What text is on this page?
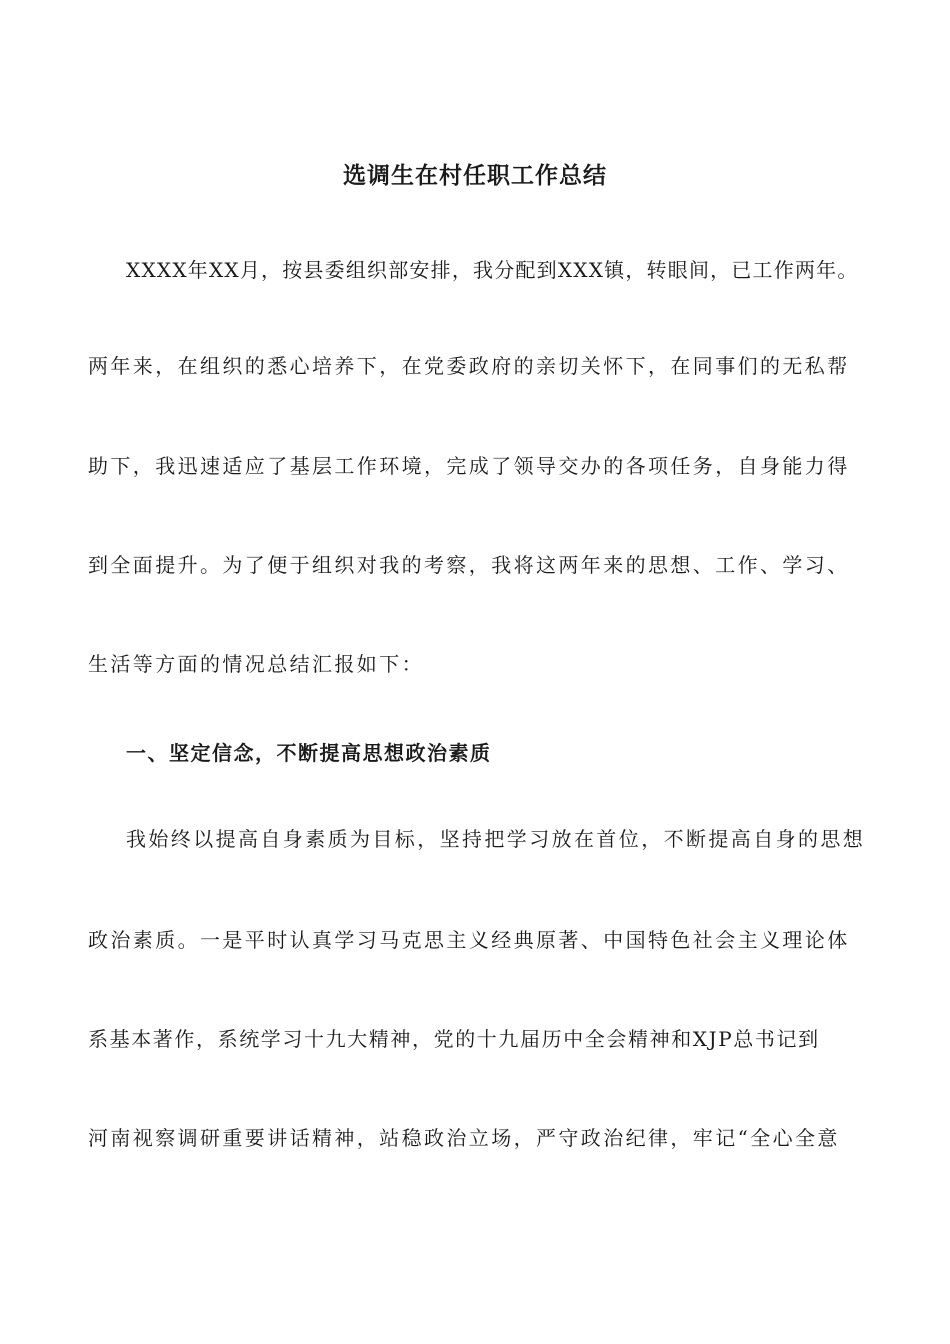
选调生在村任职工作总结

XXXX年XX月，按县委组织部安排，我分配到XXX镇，转眼间，已工作两年。

两年来，在组织的悉心培养下，在党委政府的亲切关怀下，在同事们的无私帮

助下，我迅速适应了基层工作环境，完成了领导交办的各项任务，自身能力得

到全面提升。为了便于组织对我的考察，我将这两年来的思想、工作、学习、

生活等方面的情况总结汇报如下：

一、坚定信念，不断提高思想政治素质

我始终以提高自身素质为目标，坚持把学习放在首位，不断提高自身的思想

政治素质。一是平时认真学习马克思主义经典原著、中国特色社会主义理论体

系基本著作，系统学习十九大精神，党的十九届历中全会精神和XJP总书记到

河南视察调研重要讲话精神，站稳政治立场，严守政治纪律，牢记“全心全意
